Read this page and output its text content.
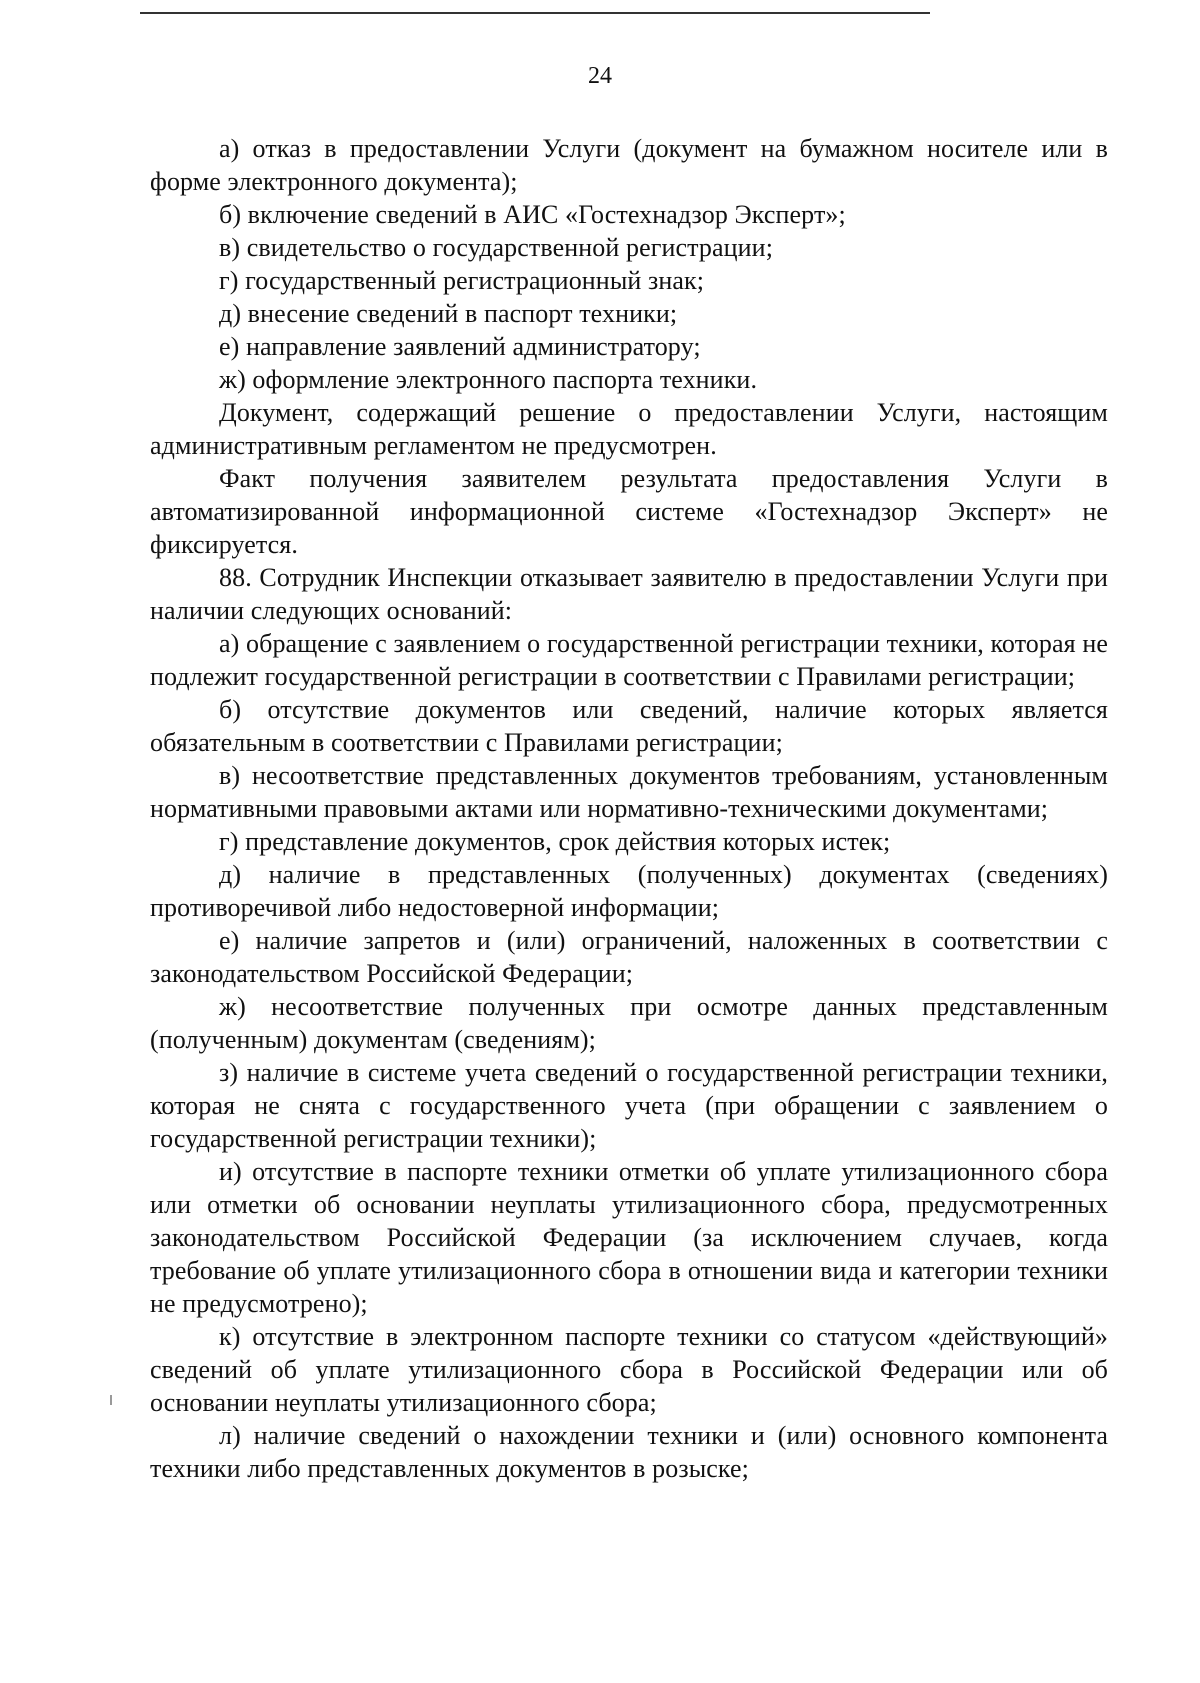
24

а) отказ в предоставлении Услуги (документ на бумажном носителе или в форме электронного документа);

б) включение сведений в АИС «Гостехнадзор Эксперт»;

в) свидетельство о государственной регистрации;

г) государственный регистрационный знак;

д) внесение сведений в паспорт техники;

е) направление заявлений администратору;

ж) оформление электронного паспорта техники.

Документ, содержащий решение о предоставлении Услуги, настоящим административным регламентом не предусмотрен.

Факт получения заявителем результата предоставления Услуги в автоматизированной информационной системе «Гостехнадзор Эксперт» не фиксируется.

88. Сотрудник Инспекции отказывает заявителю в предоставлении Услуги при наличии следующих оснований:

а) обращение с заявлением о государственной регистрации техники, которая не подлежит государственной регистрации в соответствии с Правилами регистрации;

б) отсутствие документов или сведений, наличие которых является обязательным в соответствии с Правилами регистрации;

в) несоответствие представленных документов требованиям, установленным нормативными правовыми актами или нормативно-техническими документами;

г) представление документов, срок действия которых истек;

д) наличие в представленных (полученных) документах (сведениях) противоречивой либо недостоверной информации;

е) наличие запретов и (или) ограничений, наложенных в соответствии с законодательством Российской Федерации;

ж) несоответствие полученных при осмотре данных представленным (полученным) документам (сведениям);

з) наличие в системе учета сведений о государственной регистрации техники, которая не снята с государственного учета (при обращении с заявлением о государственной регистрации техники);

и) отсутствие в паспорте техники отметки об уплате утилизационного сбора или отметки об основании неуплаты утилизационного сбора, предусмотренных законодательством Российской Федерации (за исключением случаев, когда требование об уплате утилизационного сбора в отношении вида и категории техники не предусмотрено);

к) отсутствие в электронном паспорте техники со статусом «действующий» сведений об уплате утилизационного сбора в Российской Федерации или об основании неуплаты утилизационного сбора;

л) наличие сведений о нахождении техники и (или) основного компонента техники либо представленных документов в розыске;
